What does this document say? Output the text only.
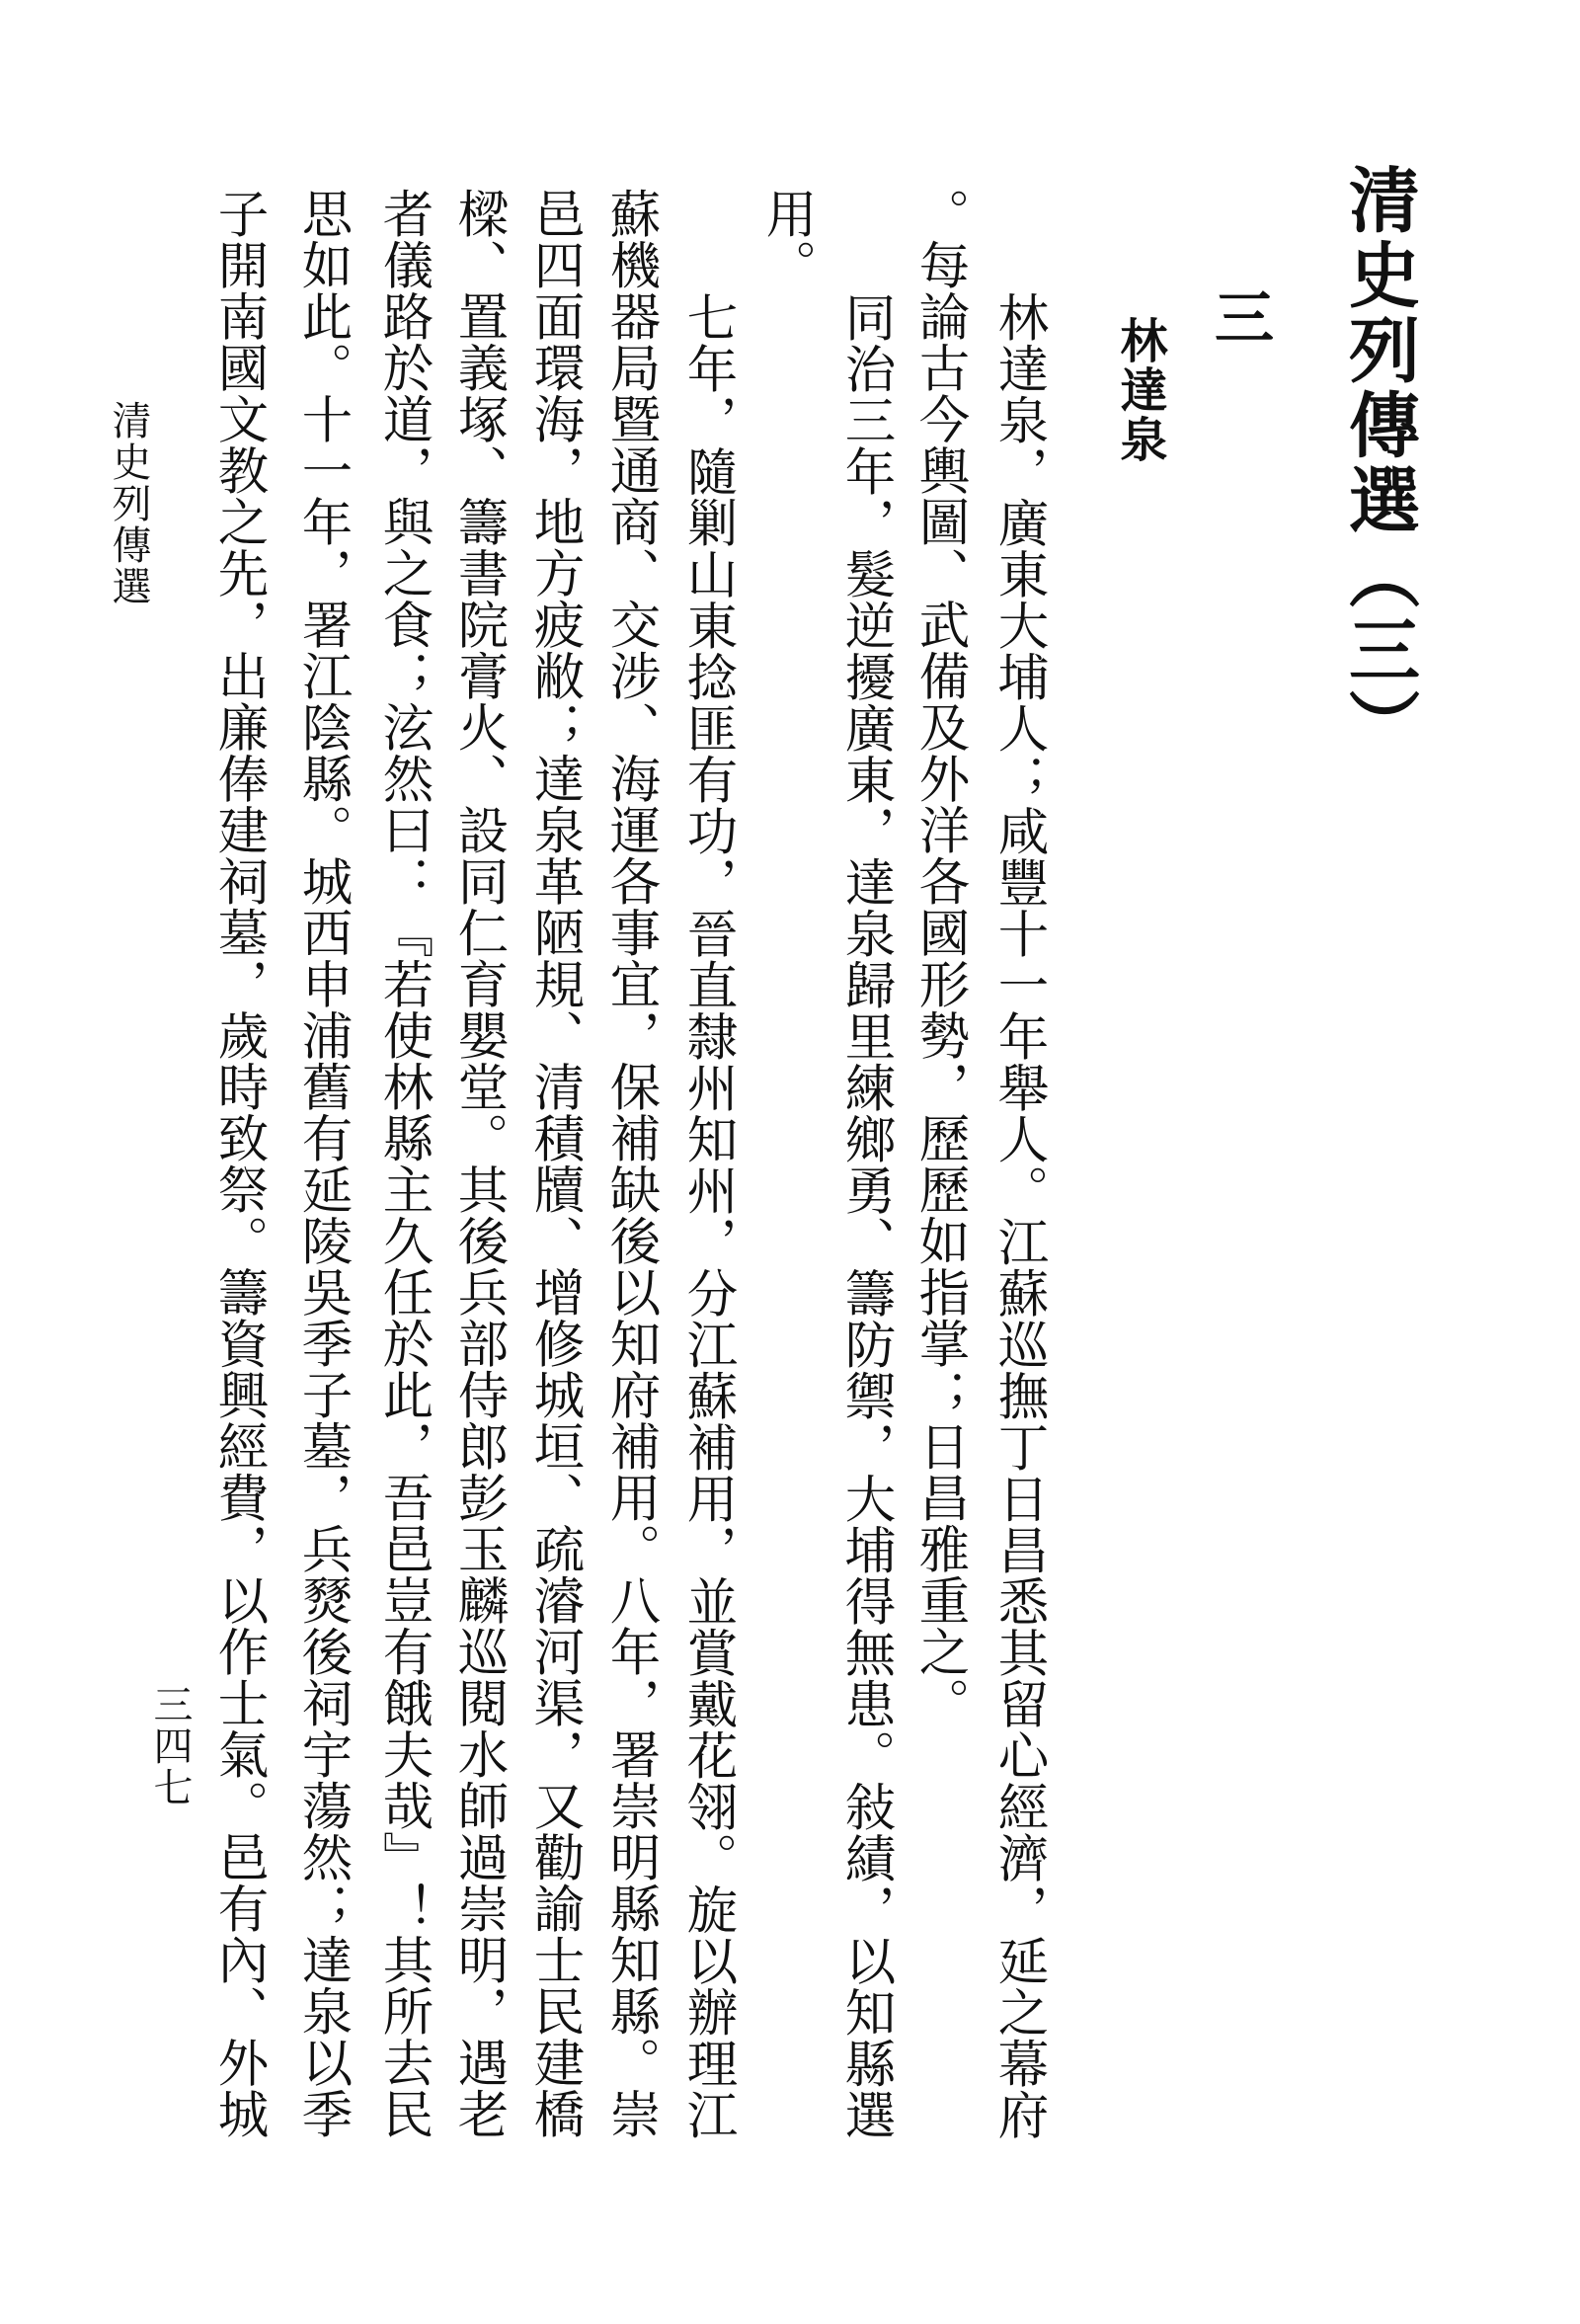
清史列傳選（三）
三
林達泉
林達泉，廣東大埔人；咸豐十一年舉人。江蘇巡撫丁日昌悉其留心經濟，延之幕府
。每論古今輿圖、武備及外洋各國形勢，歷歷如指掌；日昌雅重之。
同治三年，髮逆擾廣東，達泉歸里練鄉勇、籌防禦，大埔得無患。敍績，以知縣選
用。
七年，隨剿山東捻匪有功，晉直隸州知州，分江蘇補用，並賞戴花翎。旋以辦理江
蘇機器局暨通商、交涉、海運各事宜，保補缺後以知府補用。八年，署崇明縣知縣。崇
邑四面環海，地方疲敝；達泉革陋規、清積牘、增修城垣、疏濬河渠，又勸諭士民建橋
樑、置義塚、籌書院膏火、設同仁育嬰堂。其後兵部侍郎彭玉麟巡閱水師過崇明，遇老
者儀路於道，與之食；泫然曰：『若使林縣主久任於此，吾邑豈有餓夫哉』！其所去民
思如此。十一年，署江陰縣。城西申浦舊有延陵吳季子墓，兵燹後祠宇蕩然；達泉以季
子開南國文教之先，出廉俸建祠墓，歲時致祭。籌資興經費，以作士氣。邑有內、外城
清史列傳選
三四七
